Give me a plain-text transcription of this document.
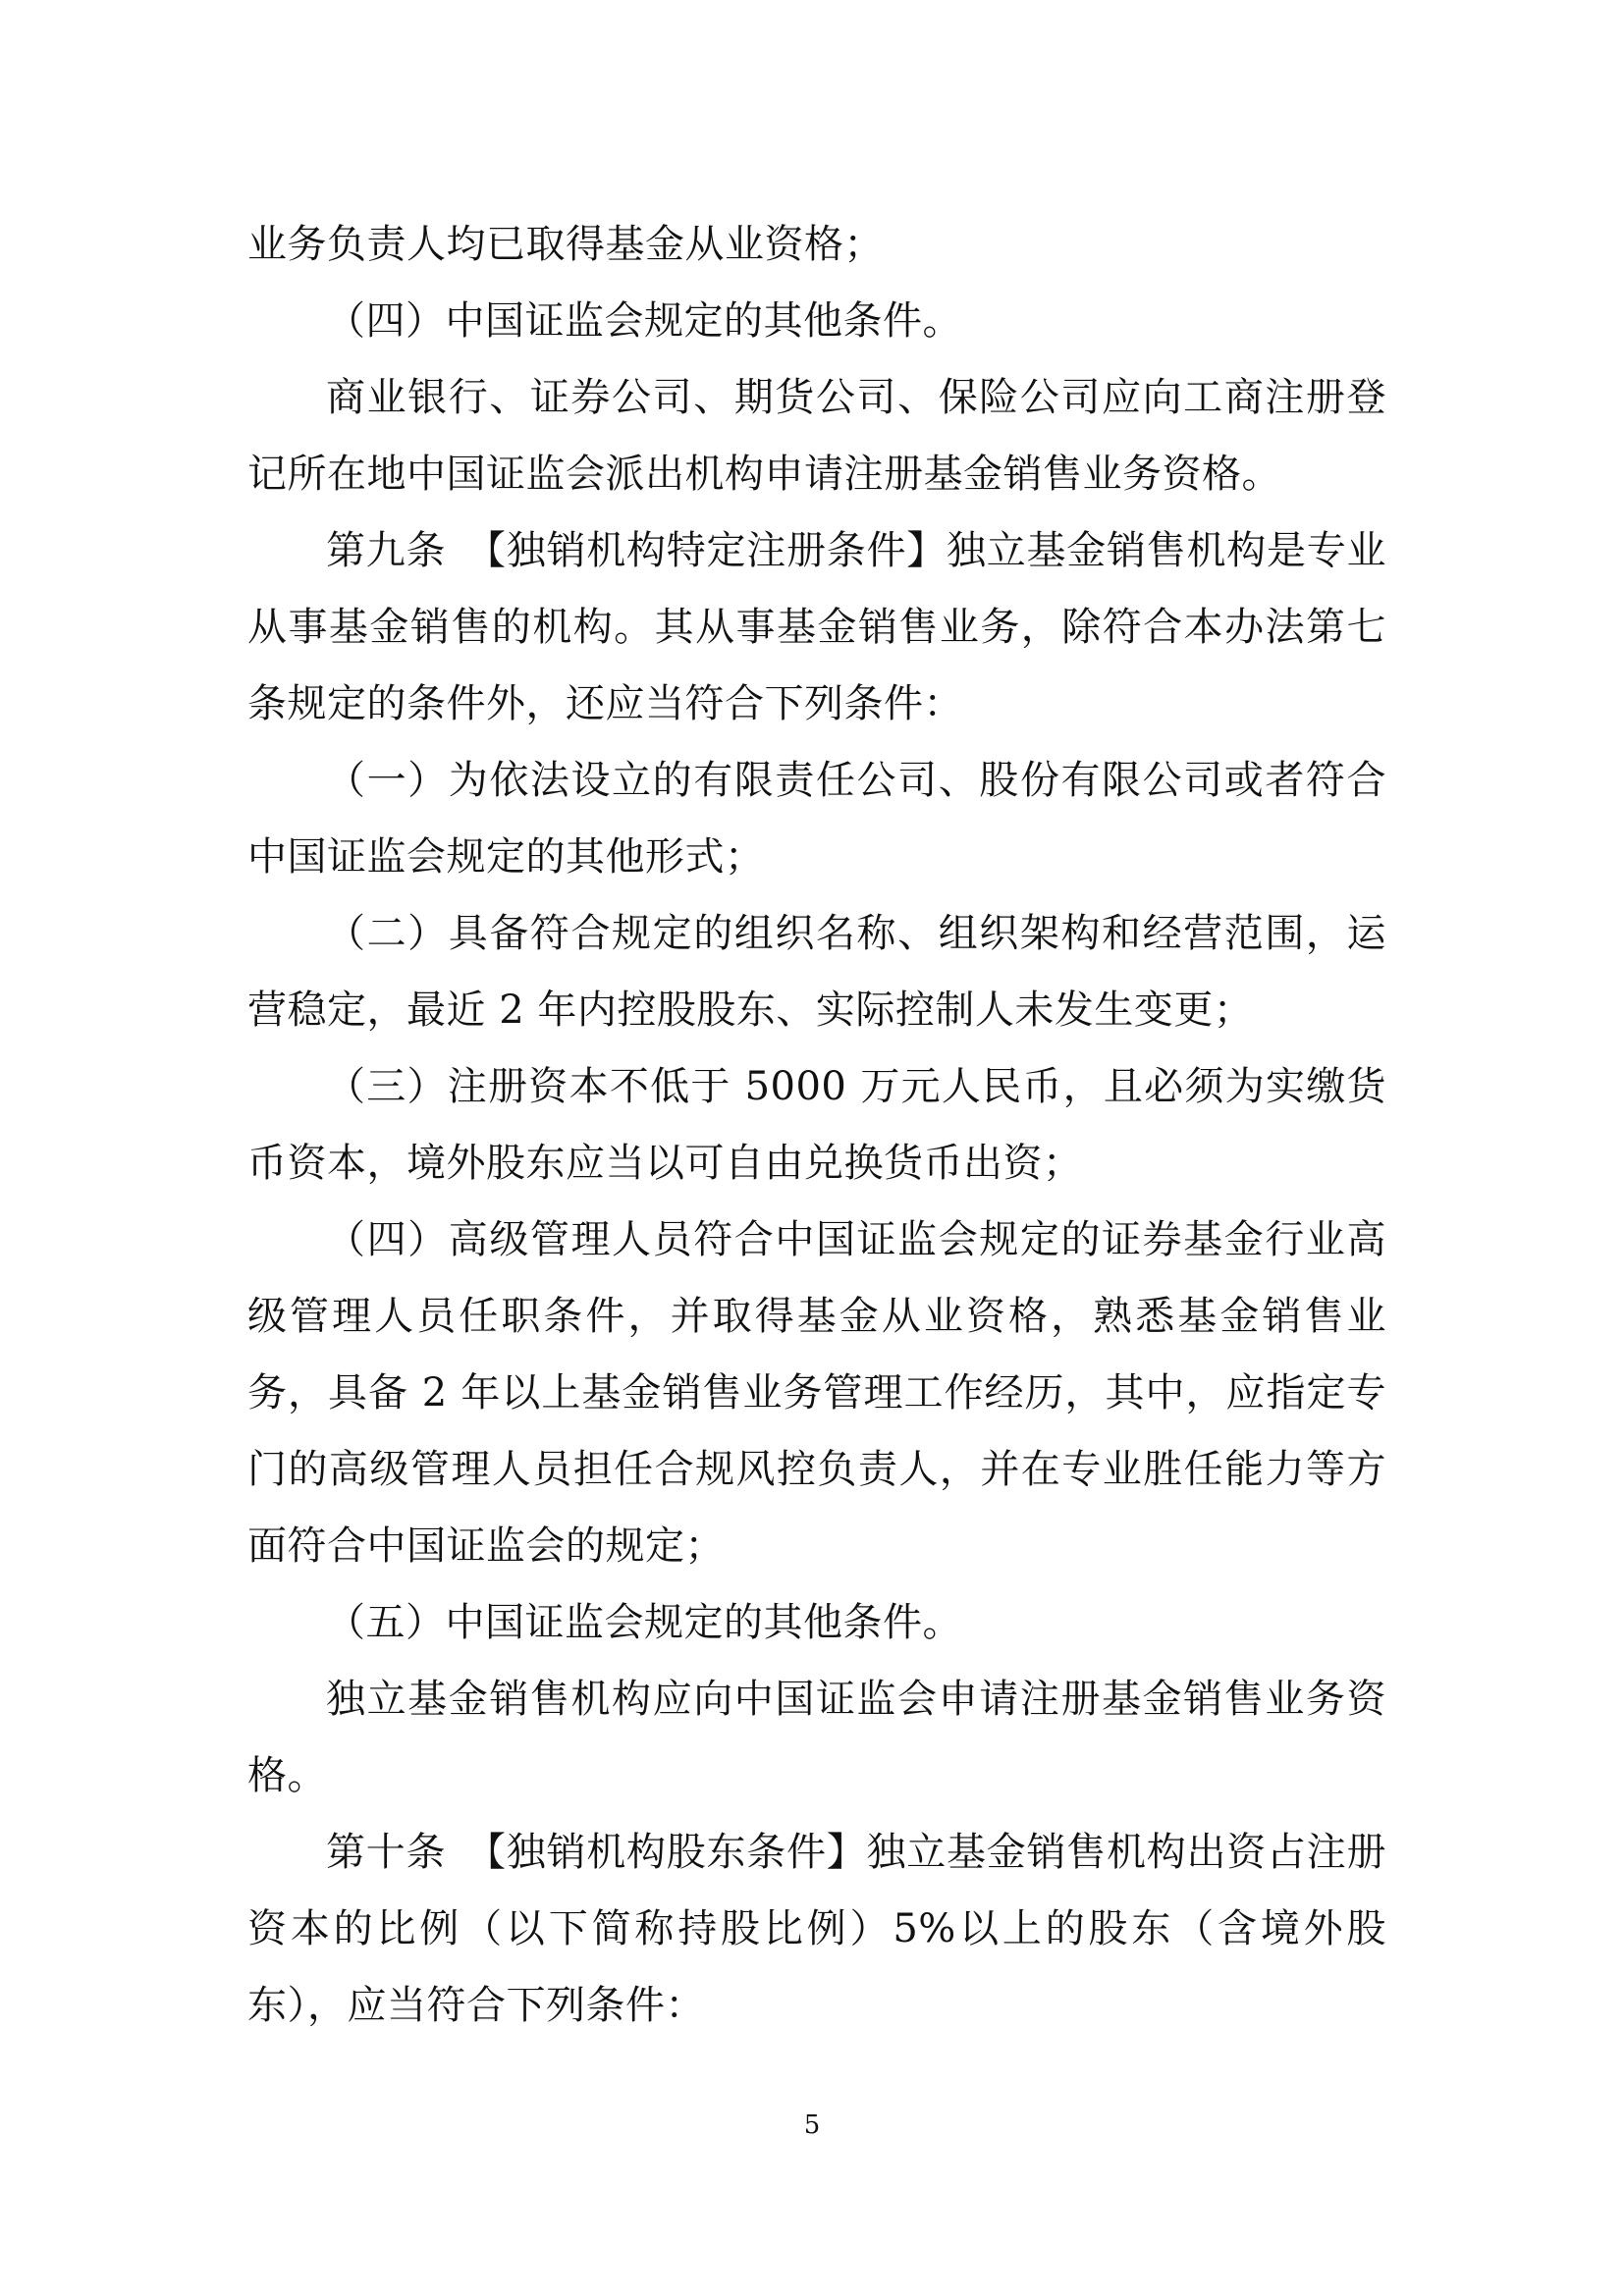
业务负责人均已取得基金从业资格；

（四）中国证监会规定的其他条件。

商业银行、证券公司、期货公司、保险公司应向工商注册登记所在地中国证监会派出机构申请注册基金销售业务资格。

第九条　【独销机构特定注册条件】独立基金销售机构是专业从事基金销售的机构。其从事基金销售业务，除符合本办法第七条规定的条件外，还应当符合下列条件：

（一）为依法设立的有限责任公司、股份有限公司或者符合中国证监会规定的其他形式；

（二）具备符合规定的组织名称、组织架构和经营范围，运营稳定，最近 2 年内控股股东、实际控制人未发生变更；

（三）注册资本不低于 5000 万元人民币，且必须为实缴货币资本，境外股东应当以可自由兑换货币出资；

（四）高级管理人员符合中国证监会规定的证券基金行业高级管理人员任职条件，并取得基金从业资格，熟悉基金销售业务，具备 2 年以上基金销售业务管理工作经历，其中，应指定专门的高级管理人员担任合规风控负责人，并在专业胜任能力等方面符合中国证监会的规定；

（五）中国证监会规定的其他条件。

独立基金销售机构应向中国证监会申请注册基金销售业务资格。

第十条　【独销机构股东条件】独立基金销售机构出资占注册资本的比例（以下简称持股比例）5%以上的股东（含境外股东），应当符合下列条件：

5
